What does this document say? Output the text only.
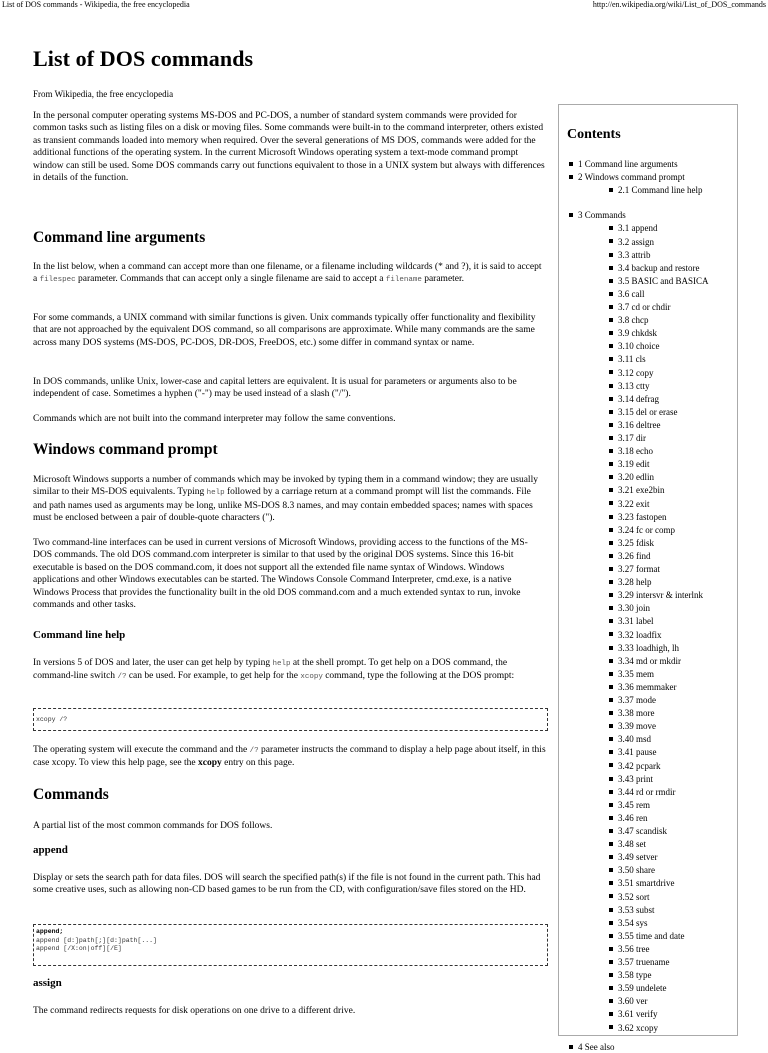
List of DOS commands - Wikipedia, the free encyclopedia	http://en.wikipedia.org/wiki/List_of_DOS_commands
List of DOS commands
From Wikipedia, the free encyclopedia

In the personal computer operating systems MS-DOS and PC-DOS, a number of standard system commands were provided for common tasks such as listing files on a disk or moving files. Some commands were built-in to the command interpreter, others existed as transient commands loaded into memory when required. Over the several generations of MS DOS, commands were added for the additional functions of the operating system. In the current Microsoft Windows operating system a text-mode command prompt window can still be used. Some DOS commands carry out functions equivalent to those in a UNIX system but always with differences in details of the function.

Command line arguments

In the list below, when a command can accept more than one filename, or a filename including wildcards (* and ?), it is said to accept a filespec parameter. Commands that can accept only a single filename are said to accept a filename parameter.

For some commands, a UNIX command with similar functions is given. Unix commands typically offer functionality and flexibility that are not approached by the equivalent DOS command, so all comparisons are approximate. While many commands are the same across many DOS systems (MS-DOS, PC-DOS, DR-DOS, FreeDOS, etc.) some differ in command syntax or name.

In DOS commands, unlike Unix, lower-case and capital letters are equivalent. It is usual for parameters or arguments also to be independent of case. Sometimes a hyphen ("-") may be used instead of a slash ("/").

Commands which are not built into the command interpreter may follow the same conventions.

Windows command prompt

Microsoft Windows supports a number of commands which may be invoked by typing them in a command window; they are usually similar to their MS-DOS equivalents. Typing help followed by a carriage return at a command prompt will list the commands. File and path names used as arguments may be long, unlike MS-DOS 8.3 names, and may contain embedded spaces; names with spaces must be enclosed between a pair of double-quote characters (").

Two command-line interfaces can be used in current versions of Microsoft Windows, providing access to the functions of the MS-DOS commands. The old DOS command.com interpreter is similar to that used by the original DOS systems. Since this 16-bit executable is based on the DOS command.com, it does not support all the extended file name syntax of Windows. Windows applications and other Windows executables can be started. The Windows Console Command Interpreter, cmd.exe, is a native Windows Process that provides the functionality built in the old DOS command.com and a much extended syntax to run, invoke commands and other tasks.

Command line help

In versions 5 of DOS and later, the user can get help by typing help at the shell prompt. To get help on a DOS command, the command-line switch /? can be used. For example, to get help for the xcopy command, type the following at the DOS prompt:

xcopy /?

The operating system will execute the command and the /? parameter instructs the command to display a help page about itself, in this case xcopy. To view this help page, see the xcopy entry on this page.

Commands

A partial list of the most common commands for DOS follows.

append

Display or sets the search path for data files. DOS will search the specified path(s) if the file is not found in the current path. This had some creative uses, such as allowing non-CD based games to be run from the CD, with configuration/save files stored on the HD.

append;
append [d:]path[;][d:]path[...]
append [/X:on|off][/E]
assign

The command redirects requests for disk operations on one drive to a different drive.

Contents
1 Command line arguments
2 Windows command prompt
2.1 Command line help
3 Commands
3.1 append
3.2 assign
3.3 attrib
3.4 backup and restore
3.5 BASIC and BASICA
3.6 call
3.7 cd or chdir
3.8 chcp
3.9 chkdsk
3.10 choice
3.11 cls
3.12 copy
3.13 ctty
3.14 defrag
3.15 del or erase
3.16 deltree
3.17 dir
3.18 echo
3.19 edit
3.20 edlin
3.21 exe2bin
3.22 exit
3.23 fastopen
3.24 fc or comp
3.25 fdisk
3.26 find
3.27 format
3.28 help
3.29 intersvr & interlnk
3.30 join
3.31 label
3.32 loadfix
3.33 loadhigh, lh
3.34 md or mkdir
3.35 mem
3.36 memmaker
3.37 mode
3.38 more
3.39 move
3.40 msd
3.41 pause
3.42 pcpark
3.43 print
3.44 rd or rmdir
3.45 rem
3.46 ren
3.47 scandisk
3.48 set
3.49 setver
3.50 share
3.51 smartdrive
3.52 sort
3.53 subst
3.54 sys
3.55 time and date
3.56 tree
3.57 truename
3.58 type
3.59 undelete
3.60 ver
3.61 verify
3.62 xcopy
4 See also
